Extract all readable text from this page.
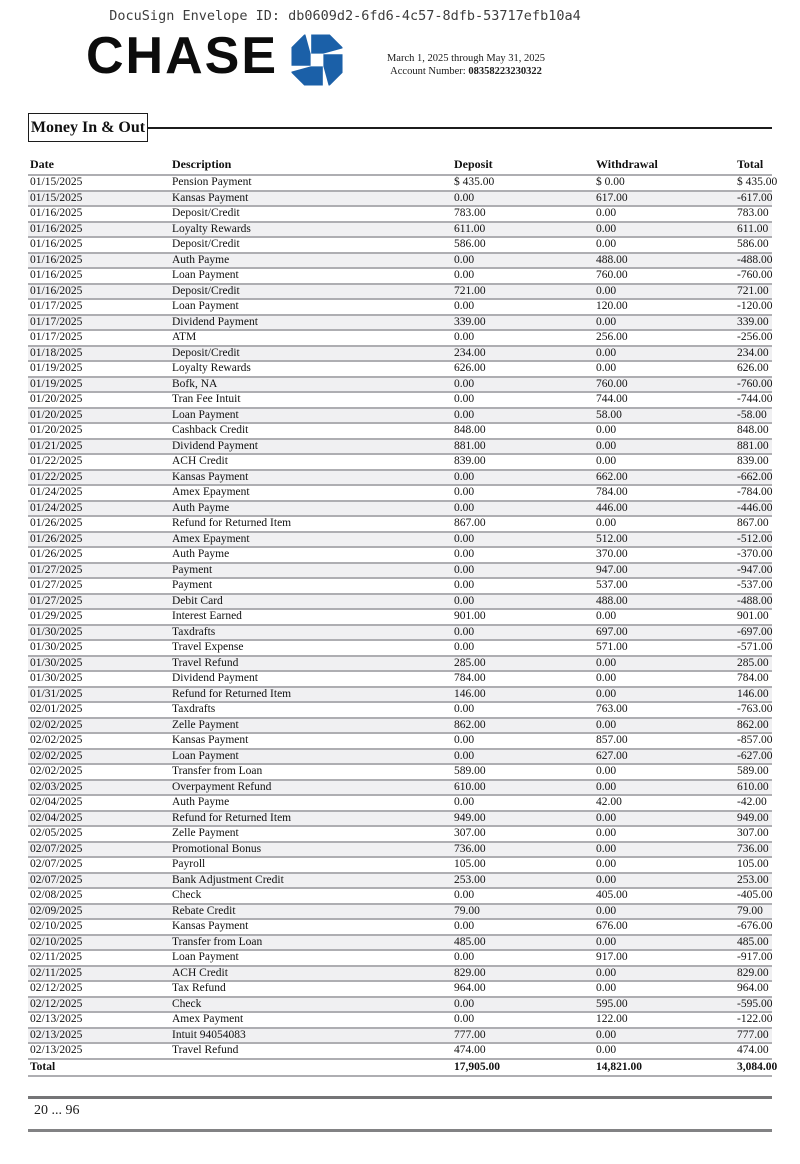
DocuSign Envelope ID: db0609d2-6fd6-4c57-8dfb-53717efb10a4
CHASE	March 1, 2025 through May 31, 2025
Account Number: 08358223230322
Money In & Out
Date	Description	Deposit	Withdrawal	Total
01/15/2025	Pension Payment	$ 435.00	$ 0.00	$ 435.00
01/15/2025	Kansas Payment	0.00	617.00	-617.00
01/16/2025	Deposit/Credit	783.00	0.00	783.00
01/16/2025	Loyalty Rewards	611.00	0.00	611.00
01/16/2025	Deposit/Credit	586.00	0.00	586.00
01/16/2025	Auth Payme	0.00	488.00	-488.00
01/16/2025	Loan Payment	0.00	760.00	-760.00
01/16/2025	Deposit/Credit	721.00	0.00	721.00
01/17/2025	Loan Payment	0.00	120.00	-120.00
01/17/2025	Dividend Payment	339.00	0.00	339.00
01/17/2025	ATM	0.00	256.00	-256.00
01/18/2025	Deposit/Credit	234.00	0.00	234.00
01/19/2025	Loyalty Rewards	626.00	0.00	626.00
01/19/2025	Bofk, NA	0.00	760.00	-760.00
01/20/2025	Tran Fee Intuit	0.00	744.00	-744.00
01/20/2025	Loan Payment	0.00	58.00	-58.00
01/20/2025	Cashback Credit	848.00	0.00	848.00
01/21/2025	Dividend Payment	881.00	0.00	881.00
01/22/2025	ACH Credit	839.00	0.00	839.00
01/22/2025	Kansas Payment	0.00	662.00	-662.00
01/24/2025	Amex Epayment	0.00	784.00	-784.00
01/24/2025	Auth Payme	0.00	446.00	-446.00
01/26/2025	Refund for Returned Item	867.00	0.00	867.00
01/26/2025	Amex Epayment	0.00	512.00	-512.00
01/26/2025	Auth Payme	0.00	370.00	-370.00
01/27/2025	Payment	0.00	947.00	-947.00
01/27/2025	Payment	0.00	537.00	-537.00
01/27/2025	Debit Card	0.00	488.00	-488.00
01/29/2025	Interest Earned	901.00	0.00	901.00
01/30/2025	Taxdrafts	0.00	697.00	-697.00
01/30/2025	Travel Expense	0.00	571.00	-571.00
01/30/2025	Travel Refund	285.00	0.00	285.00
01/30/2025	Dividend Payment	784.00	0.00	784.00
01/31/2025	Refund for Returned Item	146.00	0.00	146.00
02/01/2025	Taxdrafts	0.00	763.00	-763.00
02/02/2025	Zelle Payment	862.00	0.00	862.00
02/02/2025	Kansas Payment	0.00	857.00	-857.00
02/02/2025	Loan Payment	0.00	627.00	-627.00
02/02/2025	Transfer from Loan	589.00	0.00	589.00
02/03/2025	Overpayment Refund	610.00	0.00	610.00
02/04/2025	Auth Payme	0.00	42.00	-42.00
02/04/2025	Refund for Returned Item	949.00	0.00	949.00
02/05/2025	Zelle Payment	307.00	0.00	307.00
02/07/2025	Promotional Bonus	736.00	0.00	736.00
02/07/2025	Payroll	105.00	0.00	105.00
02/07/2025	Bank Adjustment Credit	253.00	0.00	253.00
02/08/2025	Check	0.00	405.00	-405.00
02/09/2025	Rebate Credit	79.00	0.00	79.00
02/10/2025	Kansas Payment	0.00	676.00	-676.00
02/10/2025	Transfer from Loan	485.00	0.00	485.00
02/11/2025	Loan Payment	0.00	917.00	-917.00
02/11/2025	ACH Credit	829.00	0.00	829.00
02/12/2025	Tax Refund	964.00	0.00	964.00
02/12/2025	Check	0.00	595.00	-595.00
02/13/2025	Amex Payment	0.00	122.00	-122.00
02/13/2025	Intuit 94054083	777.00	0.00	777.00
02/13/2025	Travel Refund	474.00	0.00	474.00
Total		17,905.00	14,821.00	3,084.00
20 ... 96
